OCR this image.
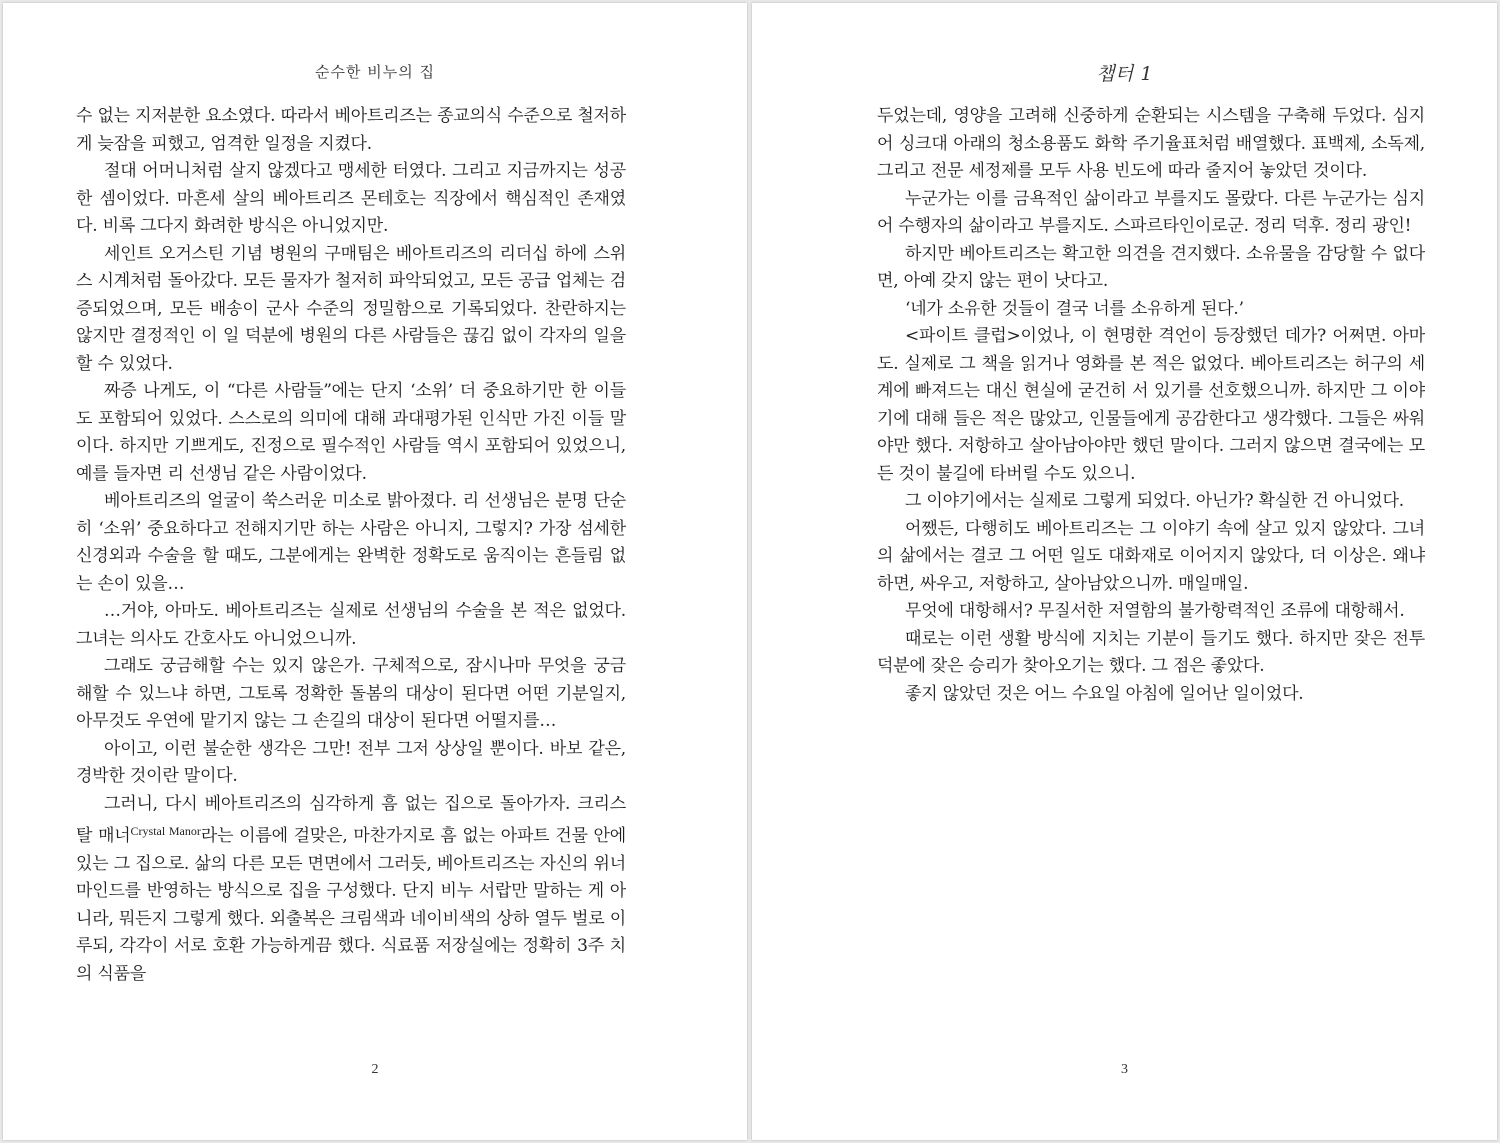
순수한 비누의 집

수 없는 지저분한 요소였다. 따라서 베아트리즈는 종교의식 수준으로 철저하게 늦잠을 피했고, 엄격한 일정을 지켰다.

절대 어머니처럼 살지 않겠다고 맹세한 터였다. 그리고 지금까지는 성공한 셈이었다. 마흔세 살의 베아트리즈 몬테호는 직장에서 핵심적인 존재였다. 비록 그다지 화려한 방식은 아니었지만.

세인트 오거스틴 기념 병원의 구매팀은 베아트리즈의 리더십 하에 스위스 시계처럼 돌아갔다. 모든 물자가 철저히 파악되었고, 모든 공급 업체는 검증되었으며, 모든 배송이 군사 수준의 정밀함으로 기록되었다. 찬란하지는 않지만 결정적인 이 일 덕분에 병원의 다른 사람들은 끊김 없이 각자의 일을 할 수 있었다.

짜증 나게도, 이 “다른 사람들”에는 단지 ‘소위’ 더 중요하기만 한 이들도 포함되어 있었다. 스스로의 의미에 대해 과대평가된 인식만 가진 이들 말이다. 하지만 기쁘게도, 진정으로 필수적인 사람들 역시 포함되어 있었으니, 예를 들자면 리 선생님 같은 사람이었다.

베아트리즈의 얼굴이 쑥스러운 미소로 밝아졌다. 리 선생님은 분명 단순히 ‘소위’ 중요하다고 전해지기만 하는 사람은 아니지, 그렇지? 가장 섬세한 신경외과 수술을 할 때도, 그분에게는 완벽한 정확도로 움직이는 흔들림 없는 손이 있을…

…거야, 아마도. 베아트리즈는 실제로 선생님의 수술을 본 적은 없었다. 그녀는 의사도 간호사도 아니었으니까.

그래도 궁금해할 수는 있지 않은가. 구체적으로, 잠시나마 무엇을 궁금해할 수 있느냐 하면, 그토록 정확한 돌봄의 대상이 된다면 어떤 기분일지, 아무것도 우연에 맡기지 않는 그 손길의 대상이 된다면 어떨지를…

아이고, 이런 불순한 생각은 그만! 전부 그저 상상일 뿐이다. 바보 같은, 경박한 것이란 말이다.

그러니, 다시 베아트리즈의 심각하게 흠 없는 집으로 돌아가자. 크리스탈 매너$^{Crystal Manor}$라는 이름에 걸맞은, 마찬가지로 흠 없는 아파트 건물 안에 있는 그 집으로. 삶의 다른 모든 면면에서 그러듯, 베아트리즈는 자신의 위너 마인드를 반영하는 방식으로 집을 구성했다. 단지 비누 서랍만 말하는 게 아니라, 뭐든지 그렇게 했다. 외출복은 크림색과 네이비색의 상하 열두 벌로 이루되, 각각이 서로 호환 가능하게끔 했다. 식료품 저장실에는 정확히 3주 치의 식품을

2
챕터 1

두었는데, 영양을 고려해 신중하게 순환되는 시스템을 구축해 두었다. 심지어 싱크대 아래의 청소용품도 화학 주기율표처럼 배열했다. 표백제, 소독제, 그리고 전문 세정제를 모두 사용 빈도에 따라 줄지어 놓았던 것이다.

누군가는 이를 금욕적인 삶이라고 부를지도 몰랐다. 다른 누군가는 심지어 수행자의 삶이라고 부를지도. 스파르타인이로군. 정리 덕후. 정리 광인!

하지만 베아트리즈는 확고한 의견을 견지했다. 소유물을 감당할 수 없다면, 아예 갖지 않는 편이 낫다고.

‘네가 소유한 것들이 결국 너를 소유하게 된다.’

<파이트 클럽>이었나, 이 현명한 격언이 등장했던 데가? 어쩌면. 아마도. 실제로 그 책을 읽거나 영화를 본 적은 없었다. 베아트리즈는 허구의 세계에 빠져드는 대신 현실에 굳건히 서 있기를 선호했으니까. 하지만 그 이야기에 대해 들은 적은 많았고, 인물들에게 공감한다고 생각했다. 그들은 싸워야만 했다. 저항하고 살아남아야만 했던 말이다. 그러지 않으면 결국에는 모든 것이 불길에 타버릴 수도 있으니.

그 이야기에서는 실제로 그렇게 되었다. 아닌가? 확실한 건 아니었다.

어쨌든, 다행히도 베아트리즈는 그 이야기 속에 살고 있지 않았다. 그녀의 삶에서는 결코 그 어떤 일도 대화재로 이어지지 않았다, 더 이상은. 왜냐하면, 싸우고, 저항하고, 살아남았으니까. 매일매일.

무엇에 대항해서? 무질서한 저열함의 불가항력적인 조류에 대항해서.

때로는 이런 생활 방식에 지치는 기분이 들기도 했다. 하지만 잦은 전투 덕분에 잦은 승리가 찾아오기는 했다. 그 점은 좋았다.

좋지 않았던 것은 어느 수요일 아침에 일어난 일이었다.

3
